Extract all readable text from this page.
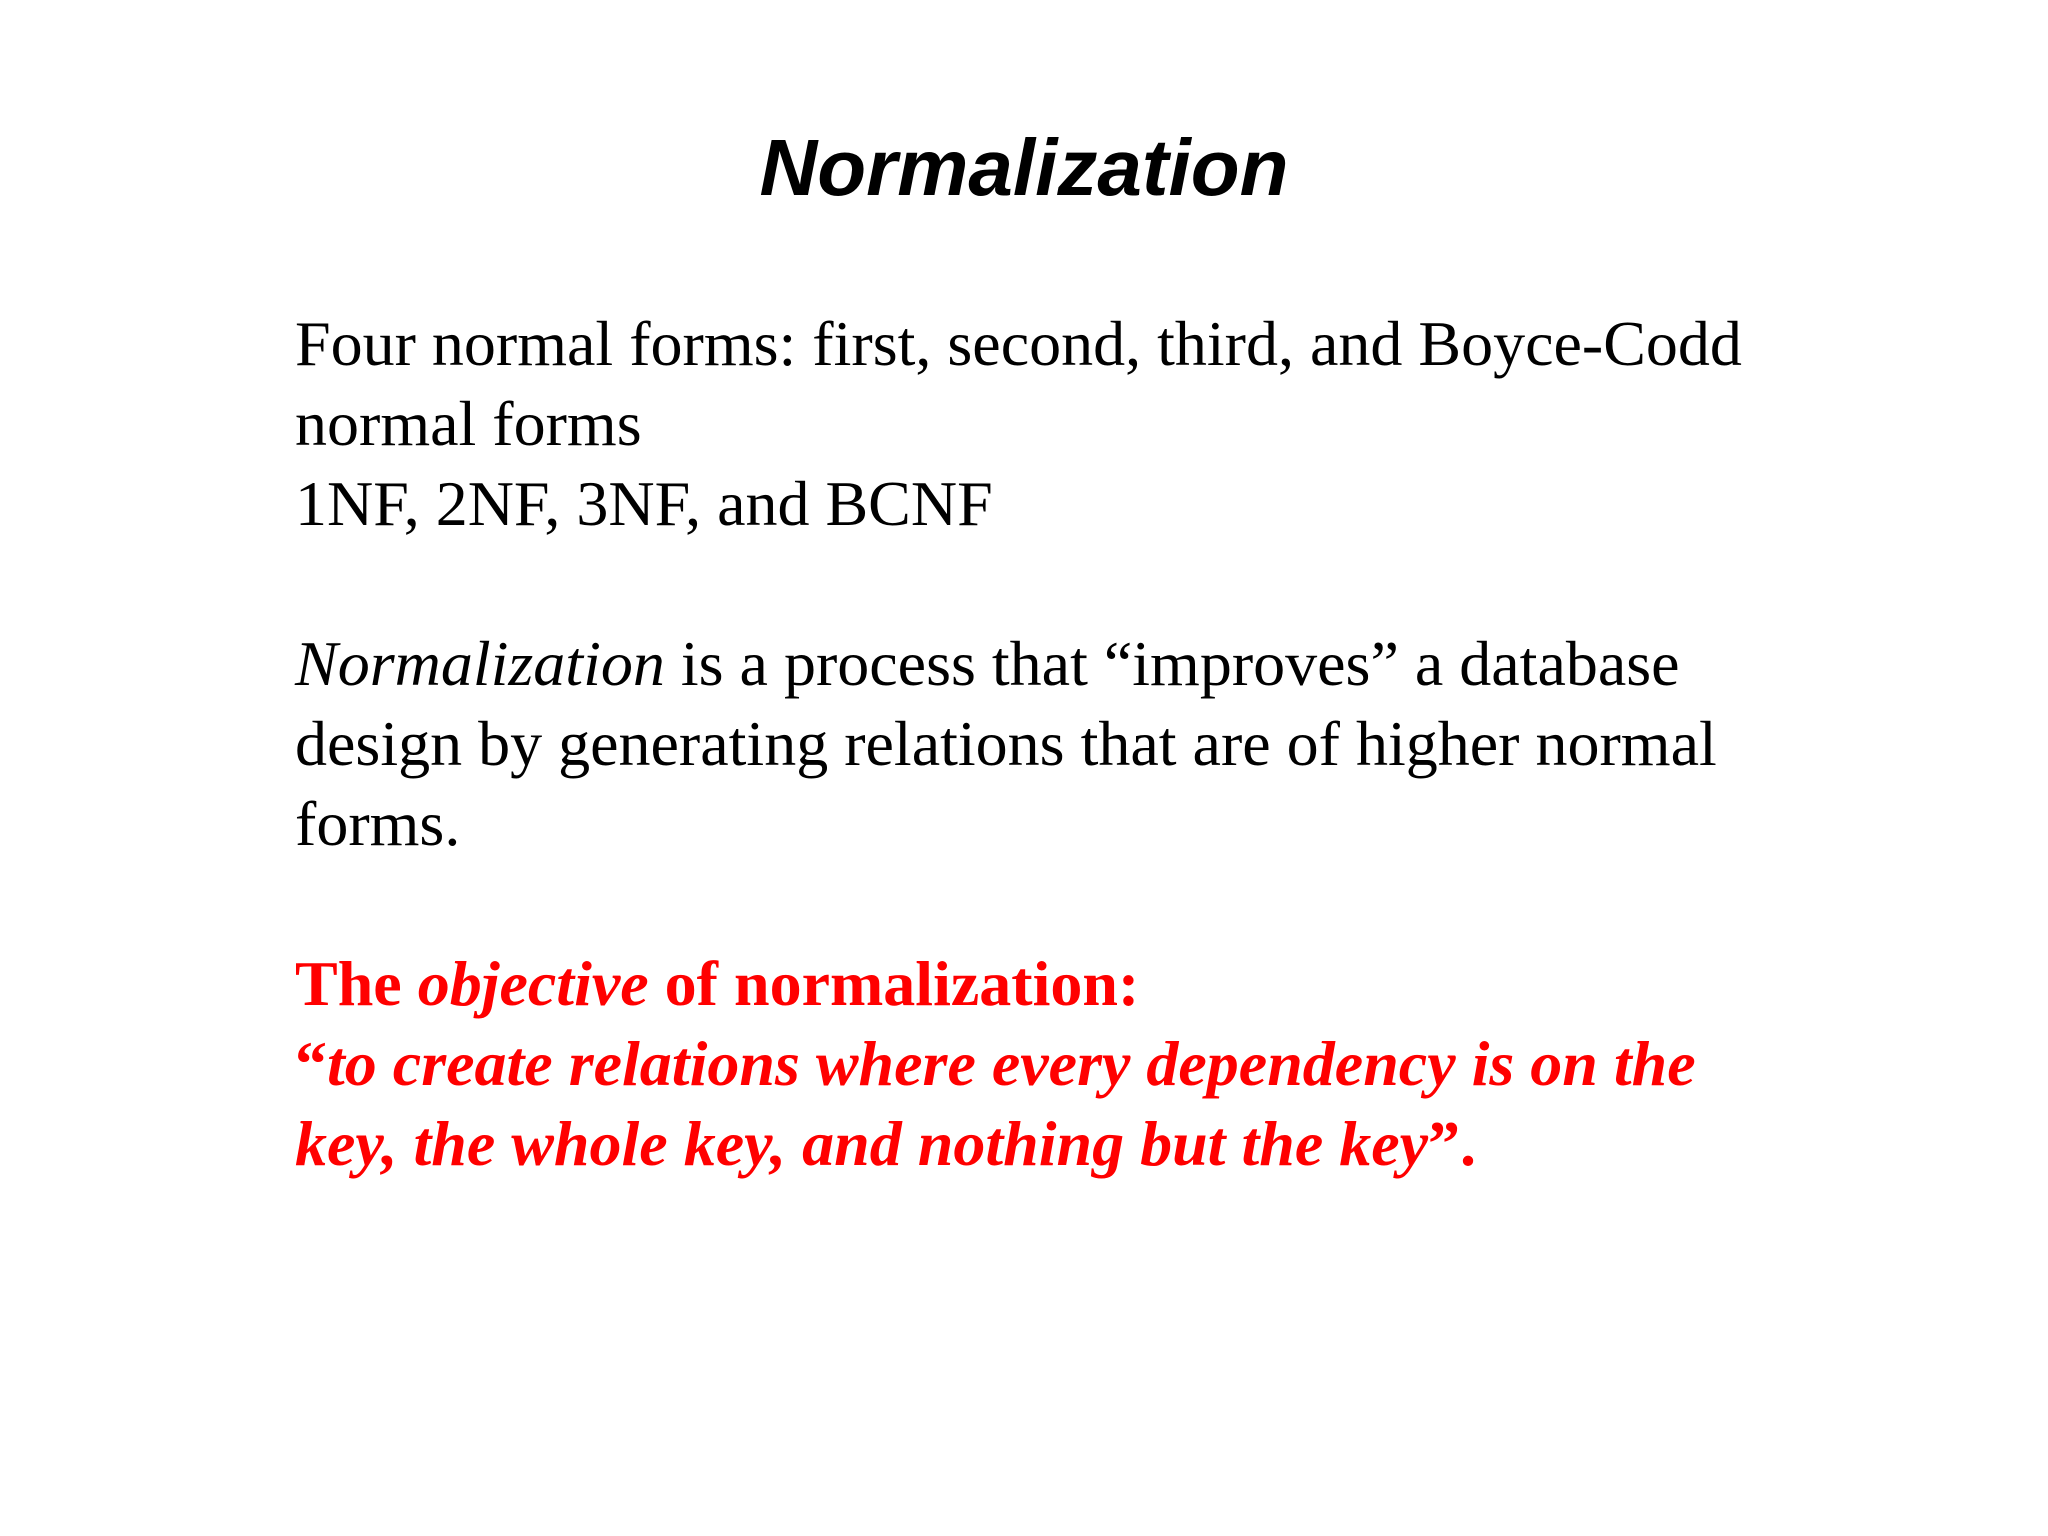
Normalization
Four normal forms: first, second, third, and Boyce-Codd
normal forms
1NF, 2NF, 3NF, and BCNF
Normalization is a process that “improves” a database
design by generating relations that are of higher normal
forms.
The objective of normalization:
“to create relations where every dependency is on the
key, the whole key, and nothing but the key”.
